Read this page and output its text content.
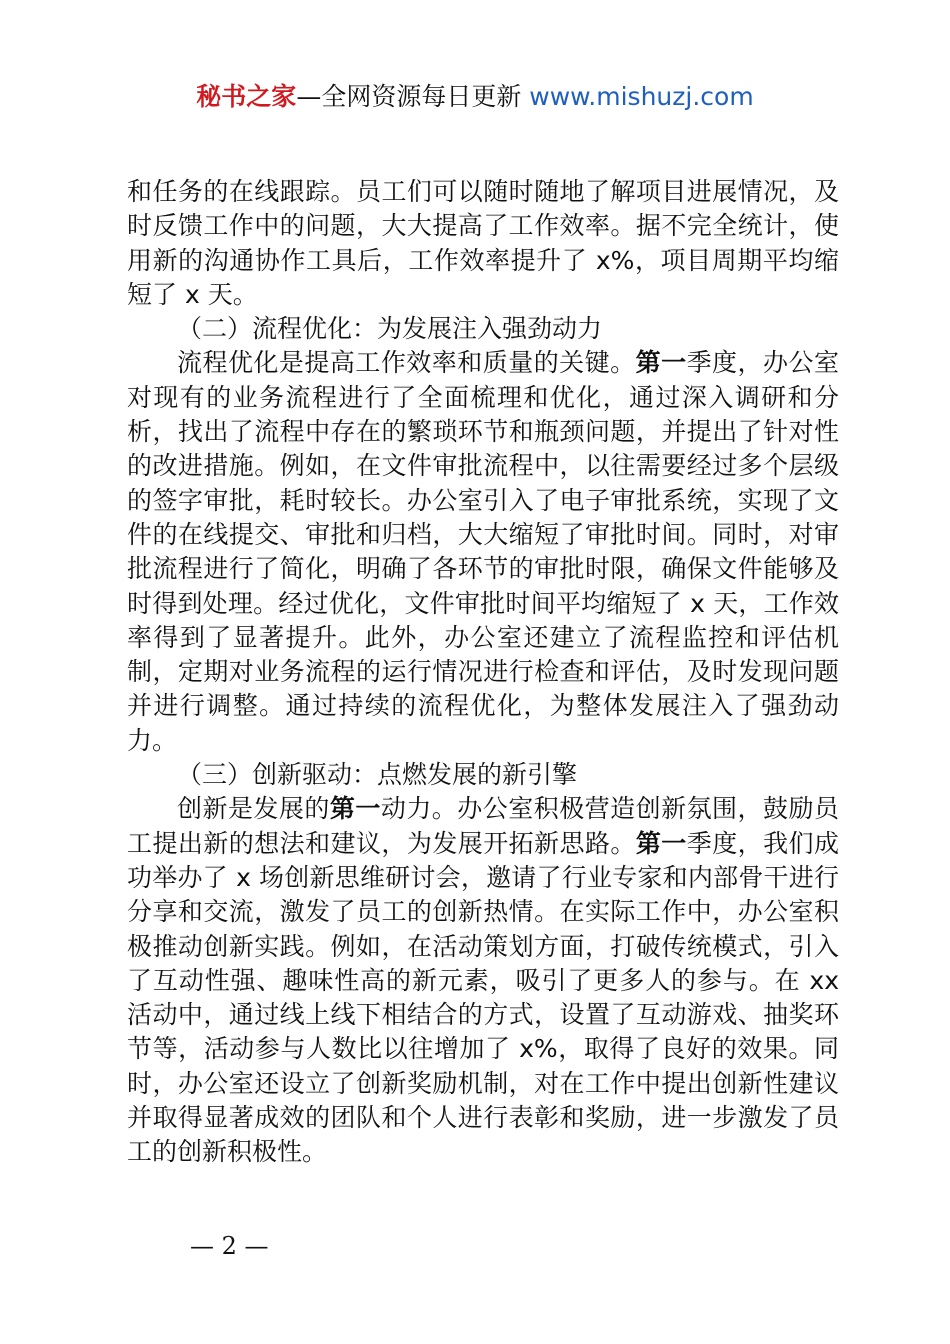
秘书之家—全网资源每日更新 www.mishuzj.com

和任务的在线跟踪。员工们可以随时随地了解项目进展情况，及时反馈工作中的问题，大大提高了工作效率。据不完全统计，使用新的沟通协作工具后，工作效率提升了 x%，项目周期平均缩短了 x 天。

（二）流程优化：为发展注入强劲动力

流程优化是提高工作效率和质量的关键。第一季度，办公室对现有的业务流程进行了全面梳理和优化，通过深入调研和分析，找出了流程中存在的繁琐环节和瓶颈问题，并提出了针对性的改进措施。例如，在文件审批流程中，以往需要经过多个层级的签字审批，耗时较长。办公室引入了电子审批系统，实现了文件的在线提交、审批和归档，大大缩短了审批时间。同时，对审批流程进行了简化，明确了各环节的审批时限，确保文件能够及时得到处理。经过优化，文件审批时间平均缩短了 x 天，工作效率得到了显著提升。此外，办公室还建立了流程监控和评估机制，定期对业务流程的运行情况进行检查和评估，及时发现问题并进行调整。通过持续的流程优化，为整体发展注入了强劲动力。

（三）创新驱动：点燃发展的新引擎

创新是发展的第一动力。办公室积极营造创新氛围，鼓励员工提出新的想法和建议，为发展开拓新思路。第一季度，我们成功举办了 x 场创新思维研讨会，邀请了行业专家和内部骨干进行分享和交流，激发了员工的创新热情。在实际工作中，办公室积极推动创新实践。例如，在活动策划方面，打破传统模式，引入了互动性强、趣味性高的新元素，吸引了更多人的参与。在 xx 活动中，通过线上线下相结合的方式，设置了互动游戏、抽奖环节等，活动参与人数比以往增加了 x%，取得了良好的效果。同时，办公室还设立了创新奖励机制，对在工作中提出创新性建议并取得显著成效的团队和个人进行表彰和奖励，进一步激发了员工的创新积极性。

— 2 —
